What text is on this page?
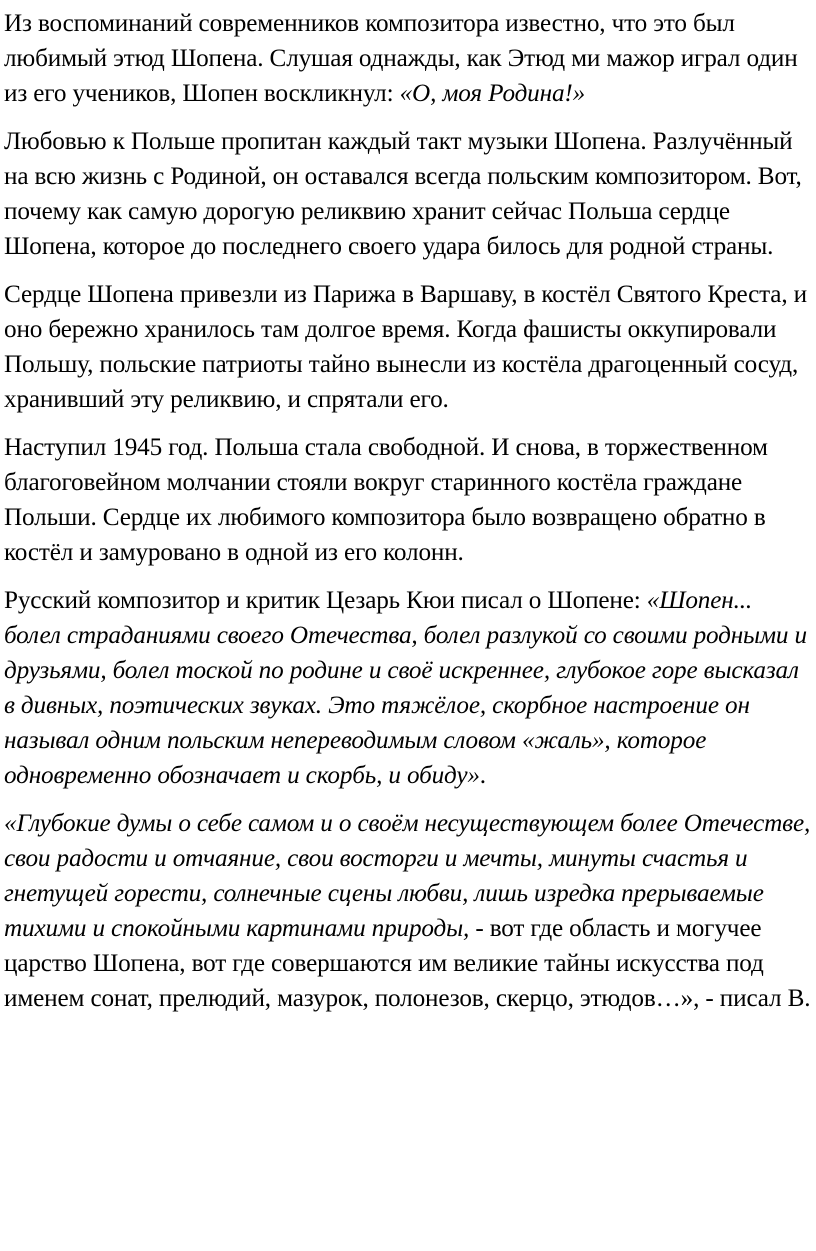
Из воспоминаний современников композитора известно, что это был любимый этюд Шопена. Слушая однажды, как Этюд ми мажор играл один из его учеников, Шопен воскликнул: «О, моя Родина!»

Любовью к Польше пропитан каждый такт музыки Шопена. Разлучённый на всю жизнь с Родиной, он оставался всегда польским композитором. Вот, почему как самую дорогую реликвию хранит сейчас Польша сердце Шопена, которое до последнего своего удара билось для родной страны.

Сердце Шопена привезли из Парижа в Варшаву, в костёл Святого Креста, и оно бережно хранилось там долгое время. Когда фашисты оккупировали Польшу, польские патриоты тайно вынесли из костёла драгоценный сосуд, хранивший эту реликвию, и спрятали его.

Наступил 1945 год. Польша стала свободной. И снова, в торжественном благоговейном молчании стояли вокруг старинного костёла граждане Польши. Сердце их любимого композитора было возвращено обратно в костёл и замуровано в одной из его колонн.

Русский композитор и критик Цезарь Кюи писал о Шопене: «Шопен... болел страданиями своего Отечества, болел разлукой со своими родными и друзьями, болел тоской по родине и своё искреннее, глубокое горе высказал в дивных, поэтических звуках. Это тяжёлое, скорбное настроение он называл одним польским непереводимым словом «жаль», которое одновременно обозначает и скорбь, и обиду».

«Глубокие думы о себе самом и о своём несуществующем более Отечестве, свои радости и отчаяние, свои восторги и мечты, минуты счастья и гнетущей горести, солнечные сцены любви, лишь изредка прерываемые тихими и спокойными картинами природы, - вот где область и могучее царство Шопена, вот где совершаются им великие тайны искусства под именем сонат, прелюдий, мазурок, полонезов, скерцо, этюдов…», - писал В.
